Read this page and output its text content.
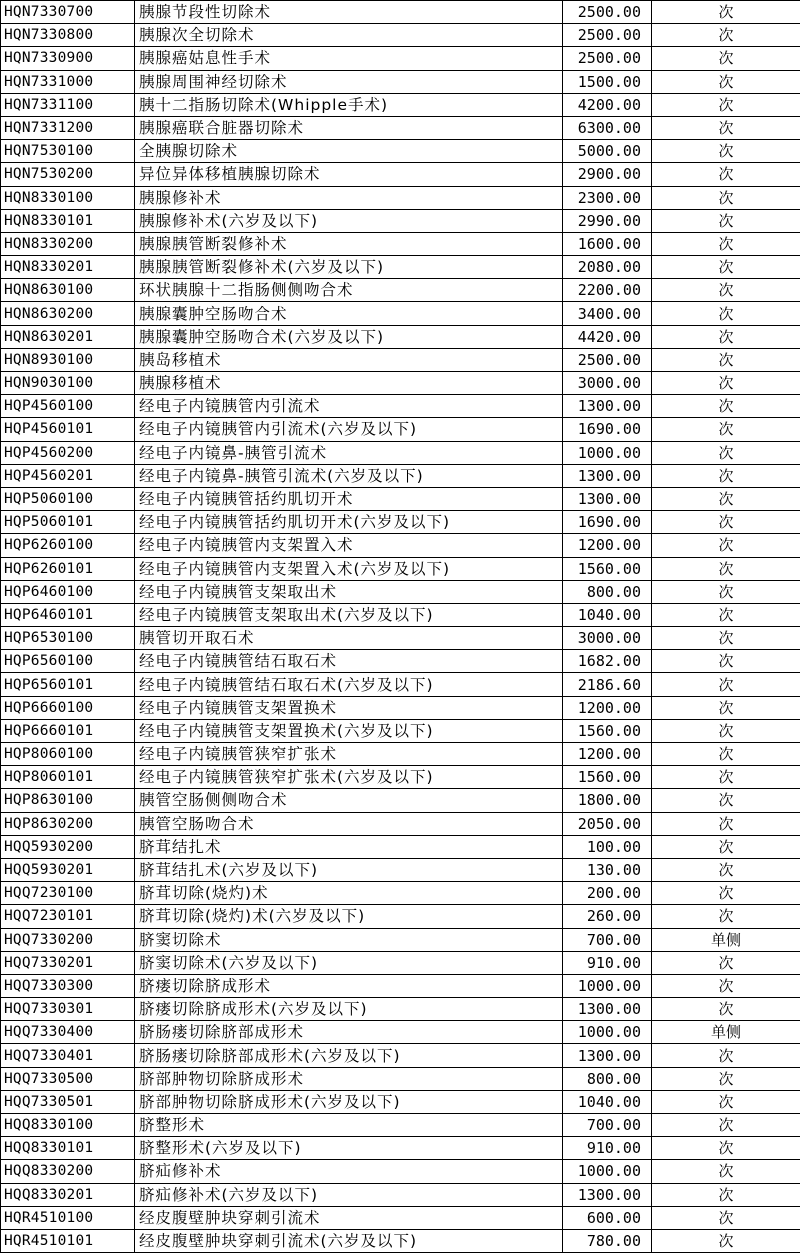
HQN7330700	胰腺节段性切除术	2500.00	次
HQN7330800	胰腺次全切除术	2500.00	次
HQN7330900	胰腺癌姑息性手术	2500.00	次
HQN7331000	胰腺周围神经切除术	1500.00	次
HQN7331100	胰十二指肠切除术(Whipple手术)	4200.00	次
HQN7331200	胰腺癌联合脏器切除术	6300.00	次
HQN7530100	全胰腺切除术	5000.00	次
HQN7530200	异位异体移植胰腺切除术	2900.00	次
HQN8330100	胰腺修补术	2300.00	次
HQN8330101	胰腺修补术(六岁及以下)	2990.00	次
HQN8330200	胰腺胰管断裂修补术	1600.00	次
HQN8330201	胰腺胰管断裂修补术(六岁及以下)	2080.00	次
HQN8630100	环状胰腺十二指肠侧侧吻合术	2200.00	次
HQN8630200	胰腺囊肿空肠吻合术	3400.00	次
HQN8630201	胰腺囊肿空肠吻合术(六岁及以下)	4420.00	次
HQN8930100	胰岛移植术	2500.00	次
HQN9030100	胰腺移植术	3000.00	次
HQP4560100	经电子内镜胰管内引流术	1300.00	次
HQP4560101	经电子内镜胰管内引流术(六岁及以下)	1690.00	次
HQP4560200	经电子内镜鼻-胰管引流术	1000.00	次
HQP4560201	经电子内镜鼻-胰管引流术(六岁及以下)	1300.00	次
HQP5060100	经电子内镜胰管括约肌切开术	1300.00	次
HQP5060101	经电子内镜胰管括约肌切开术(六岁及以下)	1690.00	次
HQP6260100	经电子内镜胰管内支架置入术	1200.00	次
HQP6260101	经电子内镜胰管内支架置入术(六岁及以下)	1560.00	次
HQP6460100	经电子内镜胰管支架取出术	800.00	次
HQP6460101	经电子内镜胰管支架取出术(六岁及以下)	1040.00	次
HQP6530100	胰管切开取石术	3000.00	次
HQP6560100	经电子内镜胰管结石取石术	1682.00	次
HQP6560101	经电子内镜胰管结石取石术(六岁及以下)	2186.60	次
HQP6660100	经电子内镜胰管支架置换术	1200.00	次
HQP6660101	经电子内镜胰管支架置换术(六岁及以下)	1560.00	次
HQP8060100	经电子内镜胰管狭窄扩张术	1200.00	次
HQP8060101	经电子内镜胰管狭窄扩张术(六岁及以下)	1560.00	次
HQP8630100	胰管空肠侧侧吻合术	1800.00	次
HQP8630200	胰管空肠吻合术	2050.00	次
HQQ5930200	脐茸结扎术	100.00	次
HQQ5930201	脐茸结扎术(六岁及以下)	130.00	次
HQQ7230100	脐茸切除(烧灼)术	200.00	次
HQQ7230101	脐茸切除(烧灼)术(六岁及以下)	260.00	次
HQQ7330200	脐窦切除术	700.00	单侧
HQQ7330201	脐窦切除术(六岁及以下)	910.00	次
HQQ7330300	脐瘘切除脐成形术	1000.00	次
HQQ7330301	脐瘘切除脐成形术(六岁及以下)	1300.00	次
HQQ7330400	脐肠瘘切除脐部成形术	1000.00	单侧
HQQ7330401	脐肠瘘切除脐部成形术(六岁及以下)	1300.00	次
HQQ7330500	脐部肿物切除脐成形术	800.00	次
HQQ7330501	脐部肿物切除脐成形术(六岁及以下)	1040.00	次
HQQ8330100	脐整形术	700.00	次
HQQ8330101	脐整形术(六岁及以下)	910.00	次
HQQ8330200	脐疝修补术	1000.00	次
HQQ8330201	脐疝修补术(六岁及以下)	1300.00	次
HQR4510100	经皮腹壁肿块穿刺引流术	600.00	次
HQR4510101	经皮腹壁肿块穿刺引流术(六岁及以下)	780.00	次
